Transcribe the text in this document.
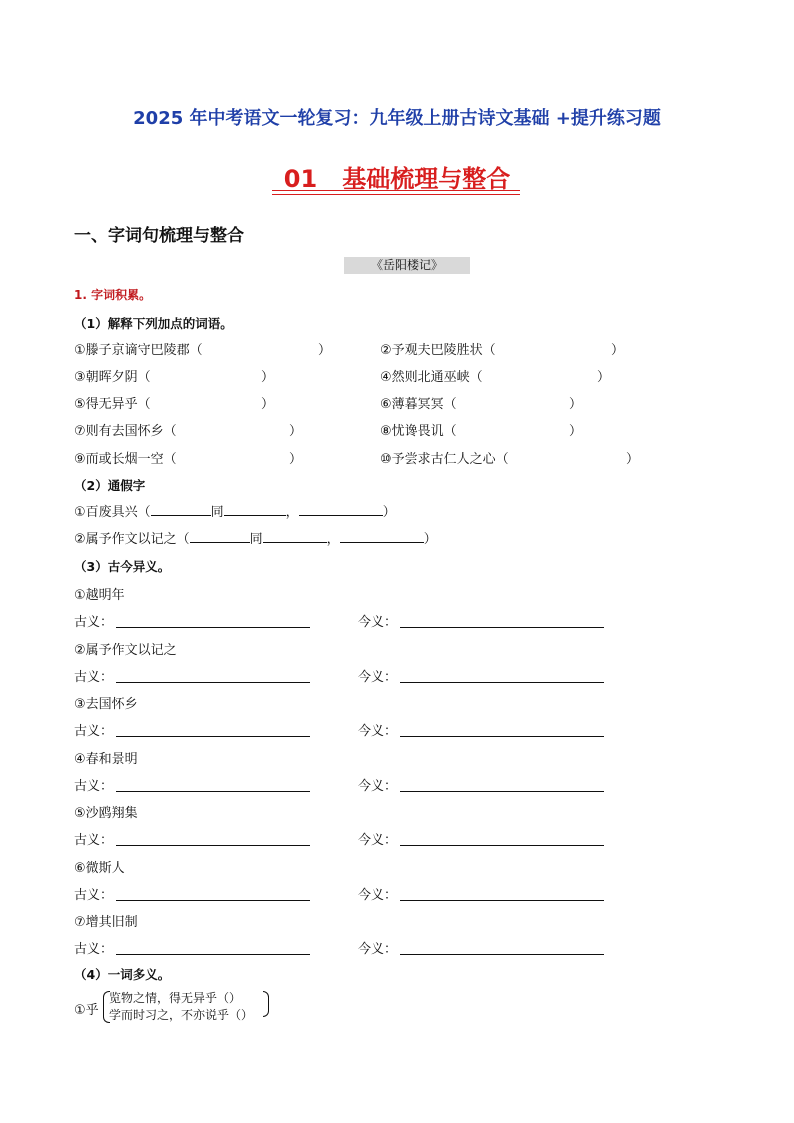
2025 年中考语文一轮复习：九年级上册古诗文基础 +提升练习题
01 基础梳理与整合
一、字词句梳理与整合
《岳阳楼记》
1. 字词积累。
（1）解释下列加点的词语。
①滕子京谪守巴陵郡（	）	②予观夫巴陵胜状（	）
③朝晖夕阴（	）	④然则北通巫峡（	）
⑤得无异乎（	）	⑥薄暮冥冥（	）
⑦则有去国怀乡（	）	⑧忧谗畏讥（	）
⑨而或长烟一空（	）	⑩予尝求古仁人之心（	）
（2）通假字
①百废具兴（	同	，	）
②属予作文以记之（	同	，	）
（3）古今异义。
①越明年
古义：	今义：
②属予作文以记之
古义：	今义：
③去国怀乡
古义：	今义：
④春和景明
古义：	今义：
⑤沙鸥翔集
古义：	今义：
⑥微斯人
古义：	今义：
⑦增其旧制
古义：	今义：
（4）一词多义。
①乎
览物之情，得无异乎（）
学而时习之，不亦说乎（）
